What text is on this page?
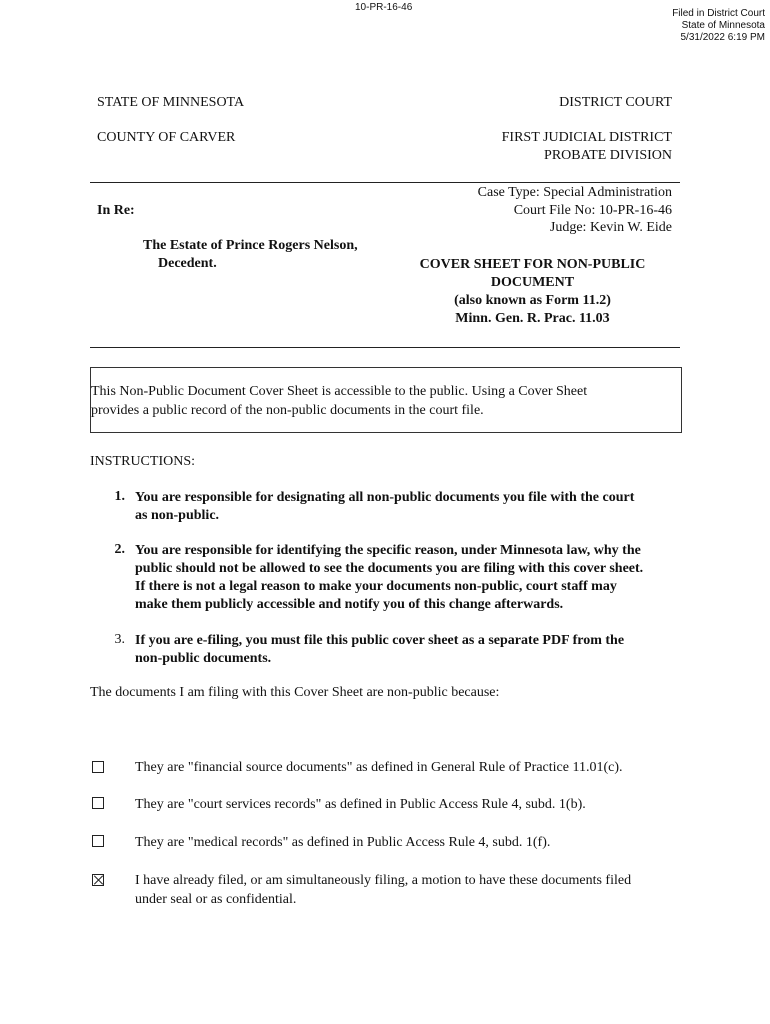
10-PR-16-46
Filed in District Court
State of Minnesota
5/31/2022 6:19 PM
STATE OF MINNESOTA
COUNTY OF CARVER
DISTRICT COURT
FIRST JUDICIAL DISTRICT
PROBATE DIVISION
In Re:
The Estate of Prince Rogers Nelson,
Decedent.
Case Type: Special Administration
Court File No: 10-PR-16-46
Judge: Kevin W. Eide
COVER SHEET FOR NON-PUBLIC
DOCUMENT
(also known as Form 11.2)
Minn. Gen. R. Prac. 11.03
This Non-Public Document Cover Sheet is accessible to the public. Using a Cover Sheet
provides a public record of the non-public documents in the court file.
INSTRUCTIONS:
1. You are responsible for designating all non-public documents you file with the court
as non-public.
2. You are responsible for identifying the specific reason, under Minnesota law, why the
public should not be allowed to see the documents you are filing with this cover sheet.
If there is not a legal reason to make your documents non-public, court staff may
make them publicly accessible and notify you of this change afterwards.
3. If you are e-filing, you must file this public cover sheet as a separate PDF from the
non-public documents.
The documents I am filing with this Cover Sheet are non-public because:
They are "financial source documents" as defined in General Rule of Practice 11.01(c).
They are "court services records" as defined in Public Access Rule 4, subd. 1(b).
They are "medical records" as defined in Public Access Rule 4, subd. 1(f).
I have already filed, or am simultaneously filing, a motion to have these documents filed
under seal or as confidential.
